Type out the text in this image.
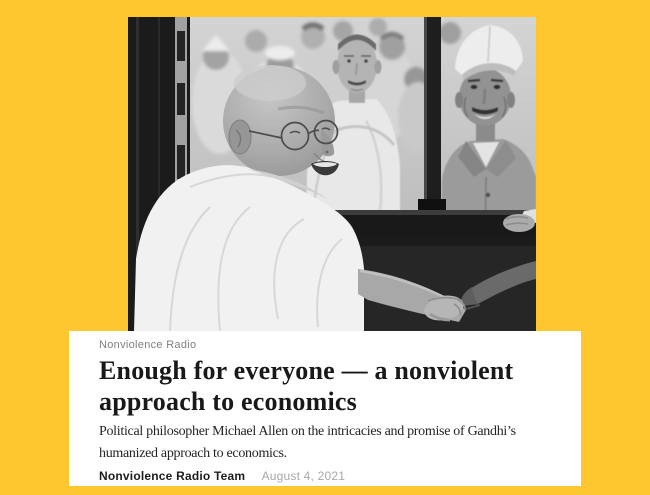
Nonviolence Radio
Enough for everyone — a nonviolent
approach to economics

Political philosopher Michael Allen on the intricacies and promise of Gandhi’s
humanized approach to economics.

Nonviolence Radio Team August 4, 2021
